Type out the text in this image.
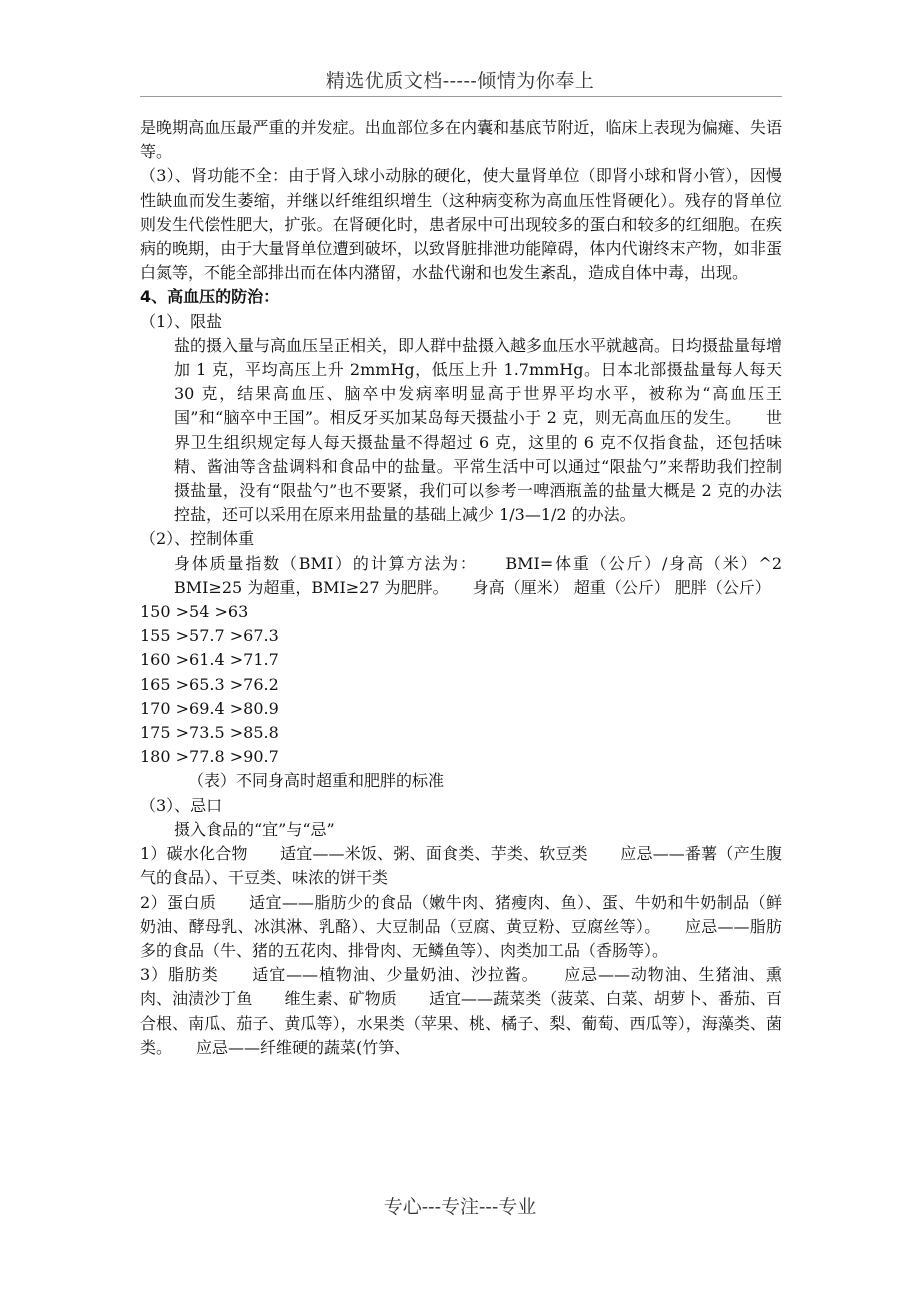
精选优质文档-----倾情为你奉上

是晚期高血压最严重的并发症。出血部位多在内囊和基底节附近，临床上表现为偏瘫、失语等。

（3）、肾功能不全：由于肾入球小动脉的硬化，使大量肾单位（即肾小球和肾小管），因慢性缺血而发生萎缩，并继以纤维组织增生（这种病变称为高血压性肾硬化）。残存的肾单位则发生代偿性肥大，扩张。在肾硬化时，患者尿中可出现较多的蛋白和较多的红细胞。在疾病的晚期，由于大量肾单位遭到破坏，以致肾脏排泄功能障碍，体内代谢终末产物，如非蛋白氮等，不能全部排出而在体内潴留，水盐代谢和也发生紊乱，造成自体中毒，出现。

4、高血压的防治：

（1）、限盐

盐的摄入量与高血压呈正相关，即人群中盐摄入越多血压水平就越高。日均摄盐量每增加 1 克，平均高压上升 2mmHg，低压上升 1.7mmHg。日本北部摄盐量每人每天 30 克，结果高血压、脑卒中发病率明显高于世界平均水平，被称为“高血压王国”和“脑卒中王国”。相反牙买加某岛每天摄盐小于 2 克，则无高血压的发生。　　世界卫生组织规定每人每天摄盐量不得超过 6 克，这里的 6 克不仅指食盐，还包括味精、酱油等含盐调料和食品中的盐量。平常生活中可以通过“限盐勺”来帮助我们控制摄盐量，没有“限盐勺”也不要紧，我们可以参考一啤酒瓶盖的盐量大概是 2 克的办法控盐，还可以采用在原来用盐量的基础上减少 1/3—1/2 的办法。

（2）、控制体重

身体质量指数（BMI）的计算方法为：　　BMI=体重（公斤）/身高（米）^2　　BMI≥25 为超重，BMI≥27 为肥胖。　　身高（厘米） 超重（公斤） 肥胖（公斤）

150 >54 >63

155 >57.7 >67.3

160 >61.4 >71.7

165 >65.3 >76.2

170 >69.4 >80.9

175 >73.5 >85.8

180 >77.8 >90.7

（表）不同身高时超重和肥胖的标准

（3）、忌口

摄入食品的“宜”与“忌”

1）碳水化合物　　适宜——米饭、粥、面食类、芋类、软豆类　　应忌——番薯（产生腹气的食品）、干豆类、味浓的饼干类

2）蛋白质　　适宜——脂肪少的食品（嫩牛肉、猪瘦肉、鱼）、蛋、牛奶和牛奶制品（鲜奶油、酵母乳、冰淇淋、乳酪）、大豆制品（豆腐、黄豆粉、豆腐丝等）。　　应忌——脂肪多的食品（牛、猪的五花肉、排骨肉、无鳞鱼等）、肉类加工品（香肠等）。

3）脂肪类　　适宜——植物油、少量奶油、沙拉酱。　　应忌——动物油、生猪油、熏肉、油渍沙丁鱼　　维生素、矿物质　　适宜——蔬菜类（菠菜、白菜、胡萝卜、番茄、百合根、南瓜、茄子、黄瓜等），水果类（苹果、桃、橘子、梨、葡萄、西瓜等），海藻类、菌类。　　应忌——纤维硬的蔬菜(竹笋、

专心---专注---专业
